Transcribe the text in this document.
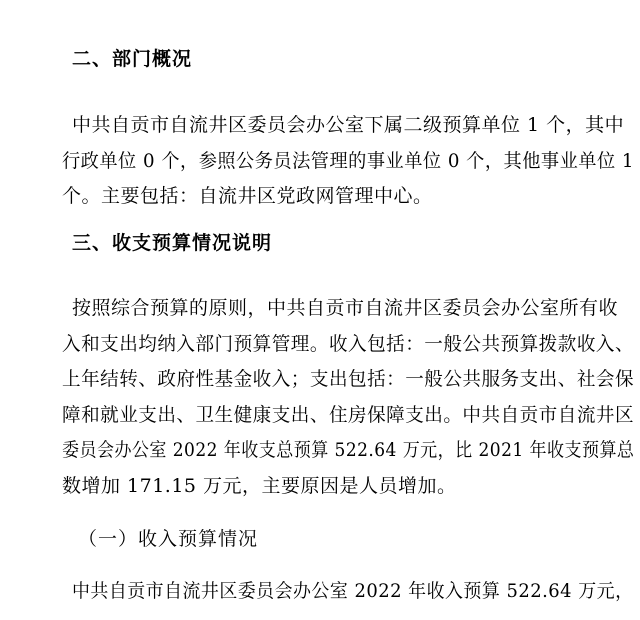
二、部门概况
中共自贡市自流井区委员会办公室下属二级预算单位 1 个，其中
行政单位 0 个，参照公务员法管理的事业单位 0 个，其他事业单位 1
个。主要包括：自流井区党政网管理中心。
三、收支预算情况说明
按照综合预算的原则，中共自贡市自流井区委员会办公室所有收
入和支出均纳入部门预算管理。收入包括：一般公共预算拨款收入、
上年结转、政府性基金收入；支出包括：一般公共服务支出、社会保
障和就业支出、卫生健康支出、住房保障支出。中共自贡市自流井区
委员会办公室 2022 年收支总预算 522.64 万元，比 2021 年收支预算总
数增加 171.15 万元，主要原因是人员增加。
（一）收入预算情况
中共自贡市自流井区委员会办公室 2022 年收入预算 522.64 万元，
